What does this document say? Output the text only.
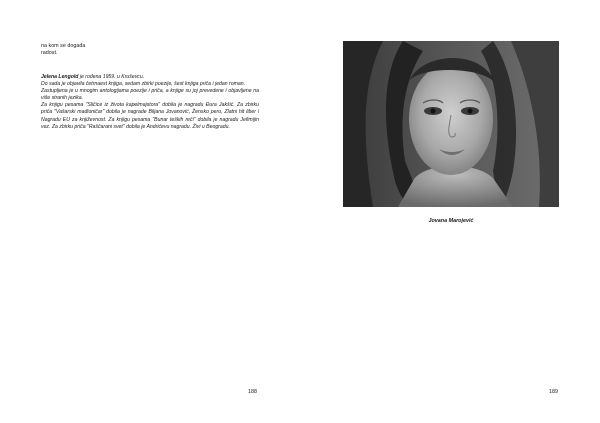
na kom se događa
radost.

Jelena Lengold je rođena 1959. u Kruševcu.

Do sada je objavila četrnaest knjiga, sedam zbirki poezije, šest knjiga priča i jedan roman.

Zastupljena je u mnogim antologijama poezije i priča, a knjige su joj prevedene i objavljene na više stranih jezika.

Za knjigu pesama "Sličice iz života kapelmajstora" dobila je nagradu Đura Jakšić. Za zbirku priča "Vašarski mađioničar" dobila je nagrade Biljana Jovanović, Žensko pero, Zlatni hit liber i Nagradu EU za književnost. Za knjigu pesama "Bunar teških reči" dobila je nagradu Jefimijin vez. Za zbirku priča "Raščarani svet" dobila je Andrićevu nagradu. Živi u Beogradu.

188
Jovana Marojević
189
